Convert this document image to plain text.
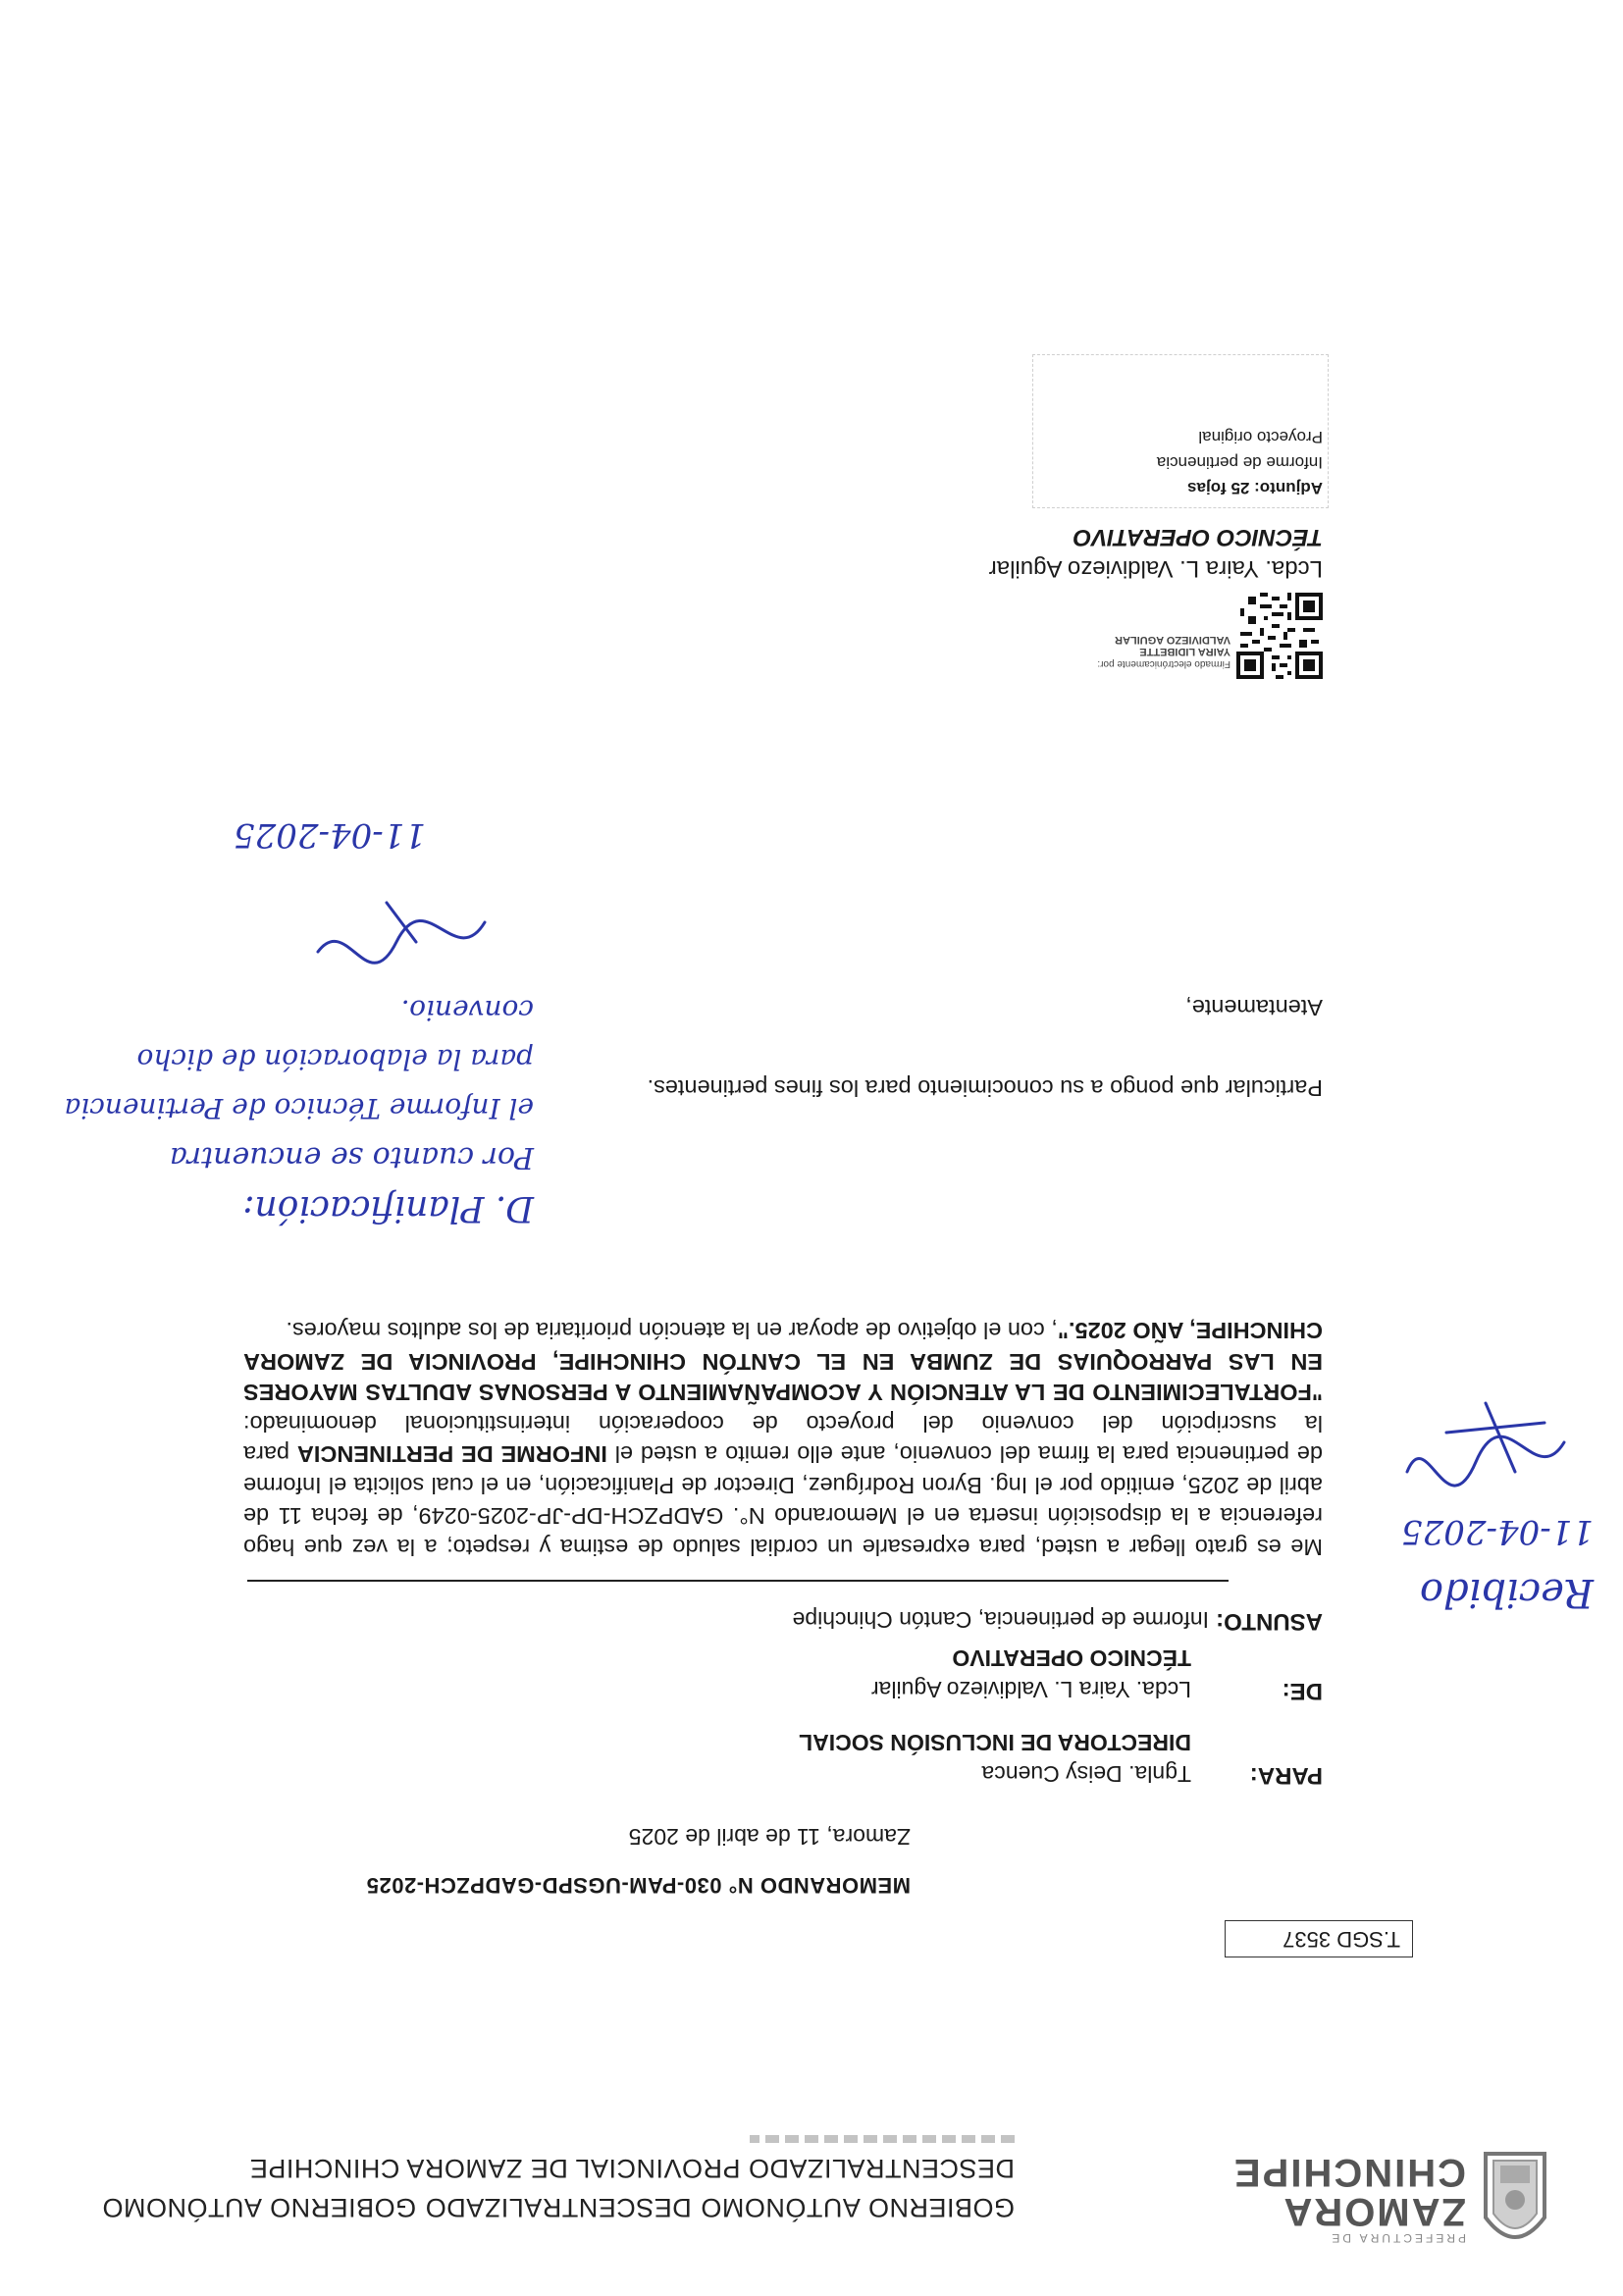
PREFECTURA DE
ZAMORA
CHINCHIPE
GOBIERNO AUTÓNOMO DESCENTRALIZADO GOBIERNO AUTÓNOMO
DESCENTRALIZADO PROVINCIAL DE ZAMORA CHINCHIPE
T.SGD 3537
MEMORANDO N° 030-PAM-UGSPD-GADPZCH-2025
Zamora, 11 de abril de 2025
PARA:
Tgnla. Deisy Cuenca
DIRECTORA DE INCLUSIÓN SOCIAL
DE:
Lcda. Yaira L. Valdiviezo Aguilar
TÉCNICO OPERATIVO
ASUNTO:
Informe de pertinencia, Cantón Chinchipe

Me es grato llegar a usted, para expresarle un cordial saludo de estima y respeto; a la vez que hago referencia a la disposición inserta en el Memorando N°. GADPZCH-DP-JP-2025-0249, de fecha 11 de abril de 2025, emitido por el Ing. Byron Rodríguez, Director de Planificación, en el cual solicita el Informe de pertinencia para la firma del convenio, ante ello remito a usted el INFORME DE PERTINENCIA para la suscripción del convenio del proyecto de cooperación interinstitucional denominado: "FORTALECIMIENTO DE LA ATENCIÓN Y ACOMPAÑAMIENTO A PERSONAS ADULTAS MAYORES EN LAS PARROQUIAS DE ZUMBA EN EL CANTÓN CHINCHIPE, PROVINCIA DE ZAMORA CHINCHIPE, AÑO 2025.", con el objetivo de apoyar en la atención prioritaria de los adultos mayores.

Particular que pongo a su conocimiento para los fines pertinentes.
Atentamente,
Firmado electrónicamente por:
YAIRA LIDIBETTE
VALDIVIEZO AGUILAR
Lcda. Yaira L. Valdiviezo Aguilar
TÉCNICO OPERATIVO
Adjunto: 25 fojas
Informe de pertinencia
Proyecto original
D. Planificación:
Por cuanto se encuentra
el Informe Técnico de Pertinencia
para la elaboración de dicho
convenio.
11-04-2025
Recibido
11-04-2025
